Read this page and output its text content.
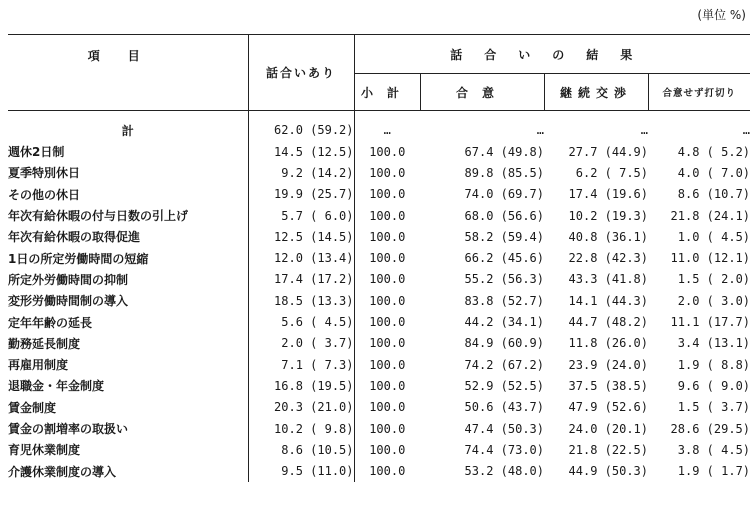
(単位 %)
項目	話合いあり	話合いの結果			
		小計	合意	継続交渉	合意せず打切り
計	62.0 (59.2)	…	…	…	…
週休2日制	14.5 (12.5)	100.0	67.4 (49.8)	27.7 (44.9)	4.8 ( 5.2)
夏季特別休日	9.2 (14.2)	100.0	89.8 (85.5)	6.2 ( 7.5)	4.0 ( 7.0)
その他の休日	19.9 (25.7)	100.0	74.0 (69.7)	17.4 (19.6)	8.6 (10.7)
年次有給休暇の付与日数の引上げ	5.7 ( 6.0)	100.0	68.0 (56.6)	10.2 (19.3)	21.8 (24.1)
年次有給休暇の取得促進	12.5 (14.5)	100.0	58.2 (59.4)	40.8 (36.1)	1.0 ( 4.5)
1日の所定労働時間の短縮	12.0 (13.4)	100.0	66.2 (45.6)	22.8 (42.3)	11.0 (12.1)
所定外労働時間の抑制	17.4 (17.2)	100.0	55.2 (56.3)	43.3 (41.8)	1.5 ( 2.0)
変形労働時間制の導入	18.5 (13.3)	100.0	83.8 (52.7)	14.1 (44.3)	2.0 ( 3.0)
定年年齢の延長	5.6 ( 4.5)	100.0	44.2 (34.1)	44.7 (48.2)	11.1 (17.7)
勤務延長制度	2.0 ( 3.7)	100.0	84.9 (60.9)	11.8 (26.0)	3.4 (13.1)
再雇用制度	7.1 ( 7.3)	100.0	74.2 (67.2)	23.9 (24.0)	1.9 ( 8.8)
退職金・年金制度	16.8 (19.5)	100.0	52.9 (52.5)	37.5 (38.5)	9.6 ( 9.0)
賃金制度	20.3 (21.0)	100.0	50.6 (43.7)	47.9 (52.6)	1.5 ( 3.7)
賃金の割増率の取扱い	10.2 ( 9.8)	100.0	47.4 (50.3)	24.0 (20.1)	28.6 (29.5)
育児休業制度	8.6 (10.5)	100.0	74.4 (73.0)	21.8 (22.5)	3.8 ( 4.5)
介護休業制度の導入	9.5 (11.0)	100.0	53.2 (48.0)	44.9 (50.3)	1.9 ( 1.7)
